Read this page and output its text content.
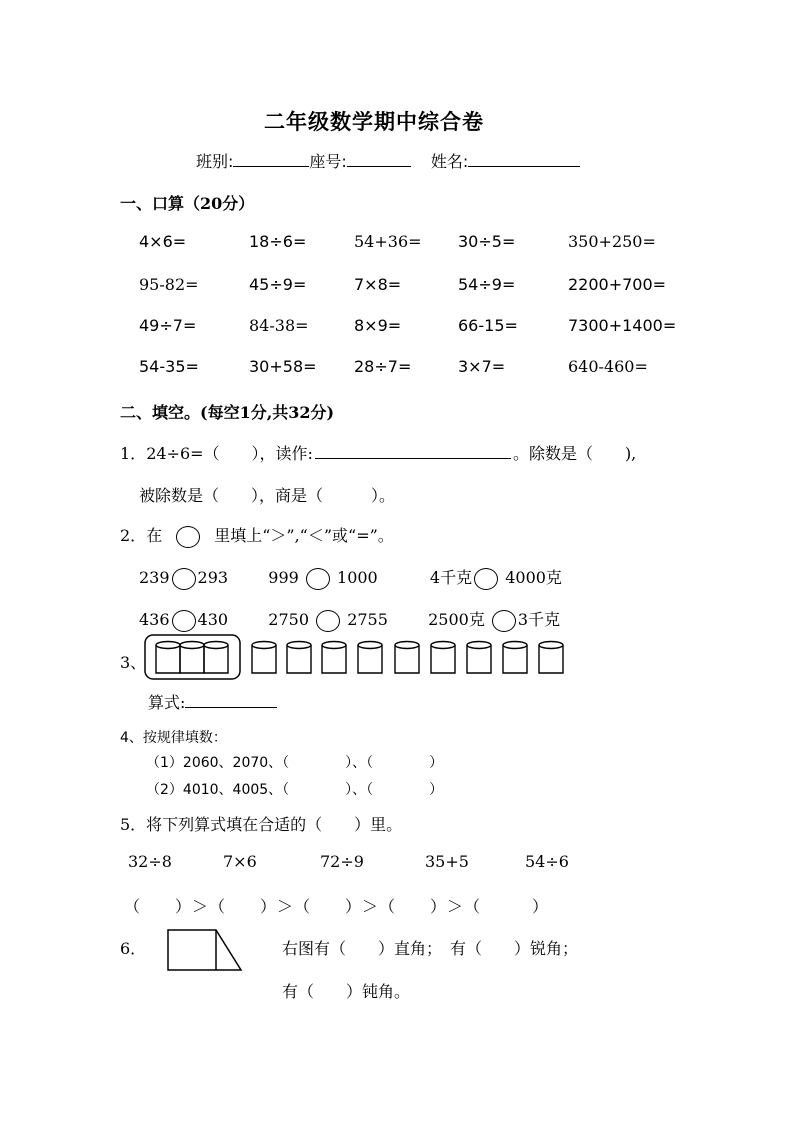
二年级数学期中综合卷
班别:	座号:	姓名:
一、口算（20分）
4×6=	18÷6=	54+36= 30÷5=	350+250=
95-82=	45÷9=	7×8=	54÷9=	2200+700=
49÷7=	84-38=	8×9=	66-15=	7300+1400=
54-35=	30+58= 28÷7=	3×7=	640-460=
二、填空。(每空1分,共32分)
1．24÷6=（　　），读作:	。除数是（　　),
被除数是（　　），商是（　　　）。
2．在	里填上“＞”,“＜”或“=”。
239 293	999 1000	4千克 4000克
436 430	2750 2755	2500克 3千克
3、
算式:
4、按规律填数：
（1）2060、2070、（　　　　）、（　　　　）
（2）4010、4005、（　　　　）、（　　　　）
5．将下列算式填在合适的（　　）里。
32÷8	7×6	72÷9	35+5	54÷6
（　　）＞（　　）＞（　　）＞（　　）＞（　　　）
6．	右图有（　　）直角；　有（　　）锐角；
有（　　）钝角。
